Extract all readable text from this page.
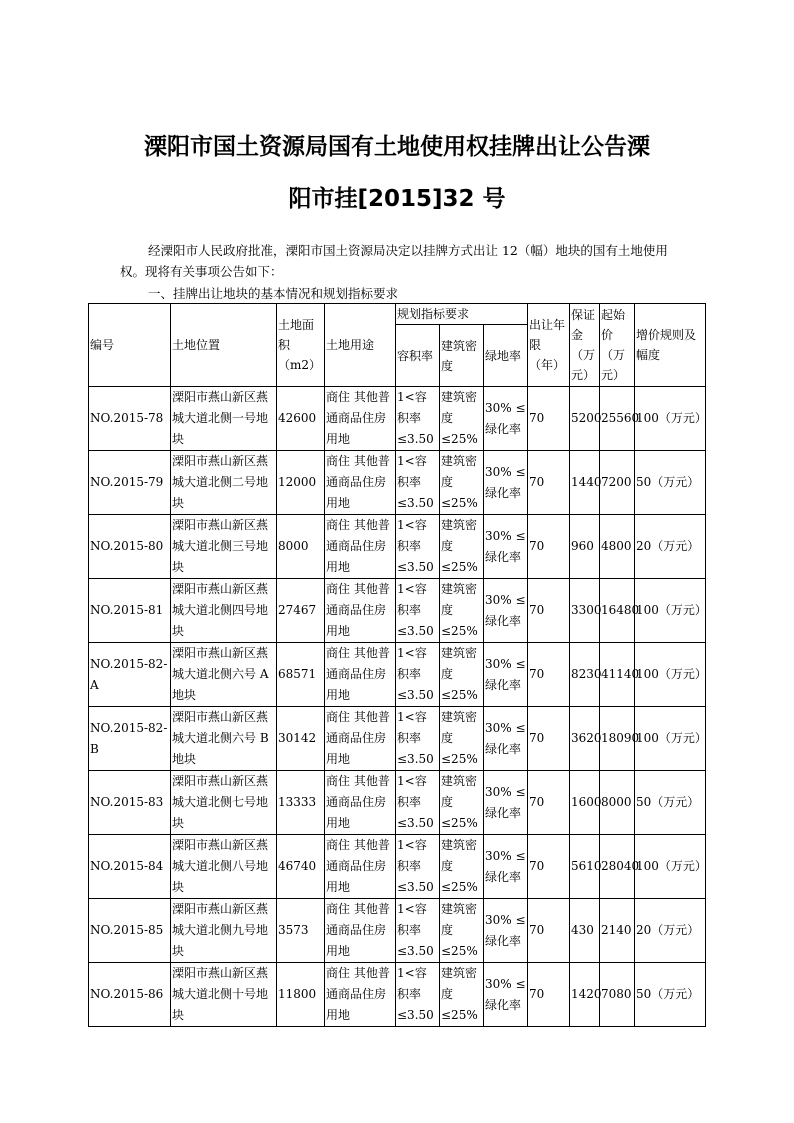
溧阳市国土资源局国有土地使用权挂牌出让公告溧
阳市挂[2015]32 号
经溧阳市人民政府批准，溧阳市国土资源局决定以挂牌方式出让 12（幅）地块的国有土地使用权。现将有关事项公告如下：
一、挂牌出让地块的基本情况和规划指标要求
编号	土地位置	土地面积（m2）	土地用途	规划指标要求			出让年限（年）	保证金（万元）	起始价（万元）	增价规则及幅度
				容积率	建筑密度	绿地率				
NO.2015-78	溧阳市燕山新区燕城大道北侧一号地块	42600	商住 其他普通商品住房用地	1<容积率 ≤3.50	建筑密度 ≤25%	30% ≤绿化率	70	5200	25560	100（万元）
NO.2015-79	溧阳市燕山新区燕城大道北侧二号地块	12000	商住 其他普通商品住房用地	1<容积率 ≤3.50	建筑密度 ≤25%	30% ≤绿化率	70	1440	7200	50（万元）
NO.2015-80	溧阳市燕山新区燕城大道北侧三号地块	8000	商住 其他普通商品住房用地	1<容积率 ≤3.50	建筑密度 ≤25%	30% ≤绿化率	70	960	4800	20（万元）
NO.2015-81	溧阳市燕山新区燕城大道北侧四号地块	27467	商住 其他普通商品住房用地	1<容积率 ≤3.50	建筑密度 ≤25%	30% ≤绿化率	70	3300	16480	100（万元）
NO.2015-82-A	溧阳市燕山新区燕城大道北侧六号 A 地块	68571	商住 其他普通商品住房用地	1<容积率 ≤3.50	建筑密度 ≤25%	30% ≤绿化率	70	8230	41140	100（万元）
NO.2015-82-B	溧阳市燕山新区燕城大道北侧六号 B 地块	30142	商住 其他普通商品住房用地	1<容积率 ≤3.50	建筑密度 ≤25%	30% ≤绿化率	70	3620	18090	100（万元）
NO.2015-83	溧阳市燕山新区燕城大道北侧七号地块	13333	商住 其他普通商品住房用地	1<容积率 ≤3.50	建筑密度 ≤25%	30% ≤绿化率	70	1600	8000	50（万元）
NO.2015-84	溧阳市燕山新区燕城大道北侧八号地块	46740	商住 其他普通商品住房用地	1<容积率 ≤3.50	建筑密度 ≤25%	30% ≤绿化率	70	5610	28040	100（万元）
NO.2015-85	溧阳市燕山新区燕城大道北侧九号地块	3573	商住 其他普通商品住房用地	1<容积率 ≤3.50	建筑密度 ≤25%	30% ≤绿化率	70	430	2140	20（万元）
NO.2015-86	溧阳市燕山新区燕城大道北侧十号地块	11800	商住 其他普通商品住房用地	1<容积率 ≤3.50	建筑密度 ≤25%	30% ≤绿化率	70	1420	7080	50（万元）
